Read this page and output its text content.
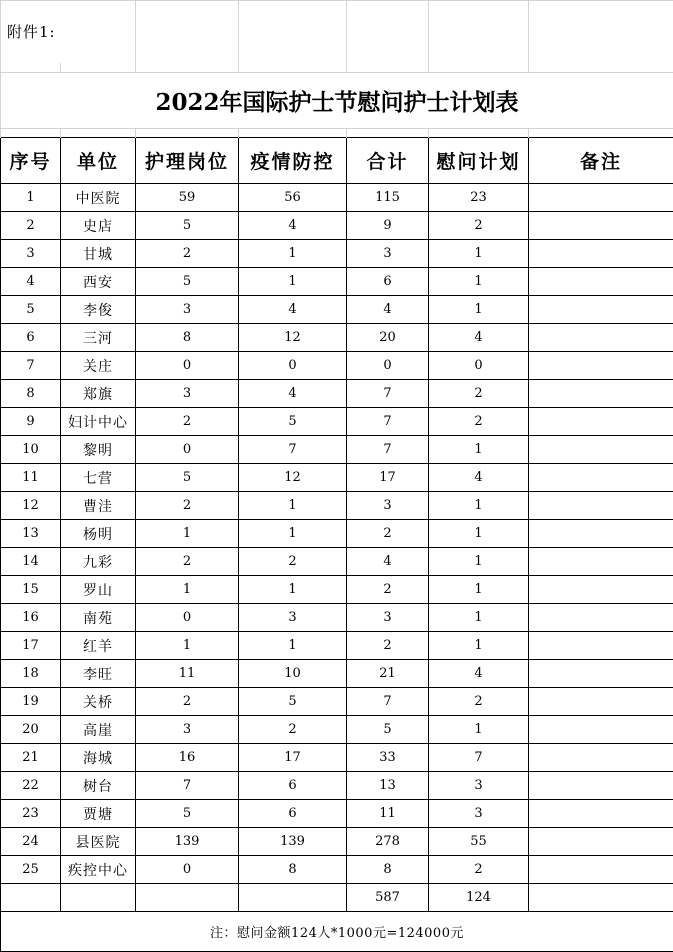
附件1:						

2022年国际护士节慰问护士计划表						

序号	单位	护理岗位	疫情防控	合计	慰问计划	备注
1	中医院	59	56	115	23	
2	史店	5	4	9	2	
3	甘城	2	1	3	1	
4	西安	5	1	6	1	
5	李俊	3	4	4	1	
6	三河	8	12	20	4	
7	关庄	0	0	0	0	
8	郑旗	3	4	7	2	
9	妇计中心	2	5	7	2	
10	黎明	0	7	7	1	
11	七营	5	12	17	4	
12	曹洼	2	1	3	1	
13	杨明	1	1	2	1	
14	九彩	2	2	4	1	
15	罗山	1	1	2	1	
16	南苑	0	3	3	1	
17	红羊	1	1	2	1	
18	李旺	11	10	21	4	
19	关桥	2	5	7	2	
20	高崖	3	2	5	1	
21	海城	16	17	33	7	
22	树台	7	6	13	3	
23	贾塘	5	6	11	3	
24	县医院	139	139	278	55	
25	疾控中心	0	8	8	2	
				587	124	
注：慰问金额124人*1000元=124000元						
